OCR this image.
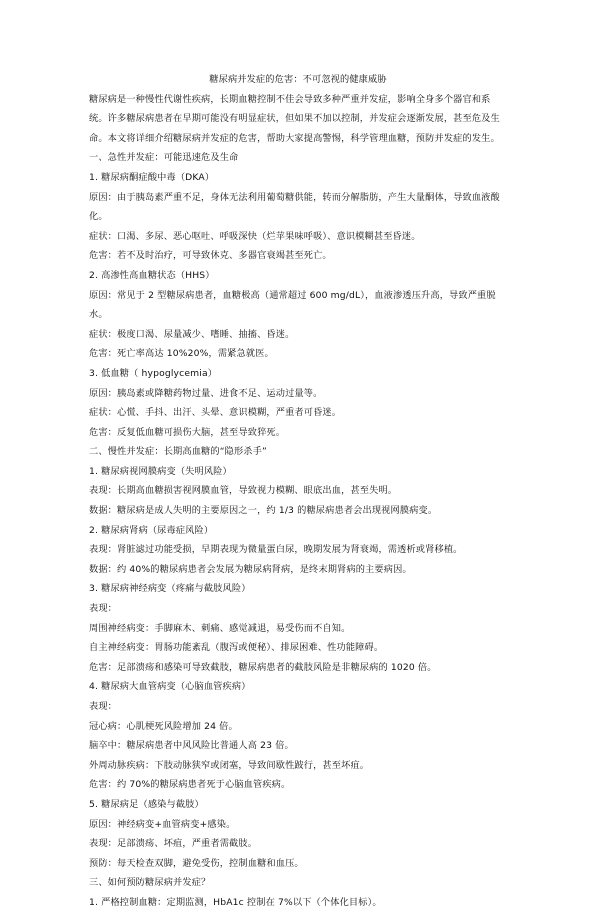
糖尿病并发症的危害：不可忽视的健康威胁
糖尿病是一种慢性代谢性疾病，长期血糖控制不佳会导致多种严重并发症，影响全身多个器官和系统。许多糖尿病患者在早期可能没有明显症状，但如果不加以控制，并发症会逐渐发展，甚至危及生命。本文将详细介绍糖尿病并发症的危害，帮助大家提高警惕，科学管理血糖，预防并发症的发生。
一、急性并发症：可能迅速危及生命
1. 糖尿病酮症酸中毒（DKA）
原因：由于胰岛素严重不足，身体无法利用葡萄糖供能，转而分解脂肪，产生大量酮体，导致血液酸化。
症状：口渴、多尿、恶心呕吐、呼吸深快（烂苹果味呼吸）、意识模糊甚至昏迷。
危害：若不及时治疗，可导致休克、多器官衰竭甚至死亡。
2. 高渗性高血糖状态（HHS）
原因：常见于 2 型糖尿病患者，血糖极高（通常超过 600 mg/dL），血液渗透压升高，导致严重脱水。
症状：极度口渴、尿量减少、嗜睡、抽搐、昏迷。
危害：死亡率高达 10%20%，需紧急就医。
3. 低血糖（ hypoglycemia）
原因：胰岛素或降糖药物过量、进食不足、运动过量等。
症状：心慌、手抖、出汗、头晕、意识模糊，严重者可昏迷。
危害：反复低血糖可损伤大脑，甚至导致猝死。
二、慢性并发症：长期高血糖的“隐形杀手”
1. 糖尿病视网膜病变（失明风险）
表现：长期高血糖损害视网膜血管，导致视力模糊、眼底出血，甚至失明。
数据：糖尿病是成人失明的主要原因之一，约 1/3 的糖尿病患者会出现视网膜病变。
2. 糖尿病肾病（尿毒症风险）
表现：肾脏滤过功能受损，早期表现为微量蛋白尿，晚期发展为肾衰竭，需透析或肾移植。
数据：约 40%的糖尿病患者会发展为糖尿病肾病，是终末期肾病的主要病因。
3. 糖尿病神经病变（疼痛与截肢风险）
表现：
周围神经病变：手脚麻木、刺痛、感觉减退，易受伤而不自知。
自主神经病变：胃肠功能紊乱（腹泻或便秘）、排尿困难、性功能障碍。
危害：足部溃疡和感染可导致截肢，糖尿病患者的截肢风险是非糖尿病的 1020 倍。
4. 糖尿病大血管病变（心脑血管疾病）
表现：
冠心病：心肌梗死风险增加 24 倍。
脑卒中：糖尿病患者中风风险比普通人高 23 倍。
外周动脉疾病：下肢动脉狭窄或闭塞，导致间歇性跛行，甚至坏疽。
危害：约 70%的糖尿病患者死于心脑血管疾病。
5. 糖尿病足（感染与截肢）
原因：神经病变+血管病变+感染。
表现：足部溃疡、坏疽，严重者需截肢。
预防：每天检查双脚，避免受伤，控制血糖和血压。
三、如何预防糖尿病并发症？
1. 严格控制血糖：定期监测，HbA1c 控制在 7%以下（个体化目标）。
